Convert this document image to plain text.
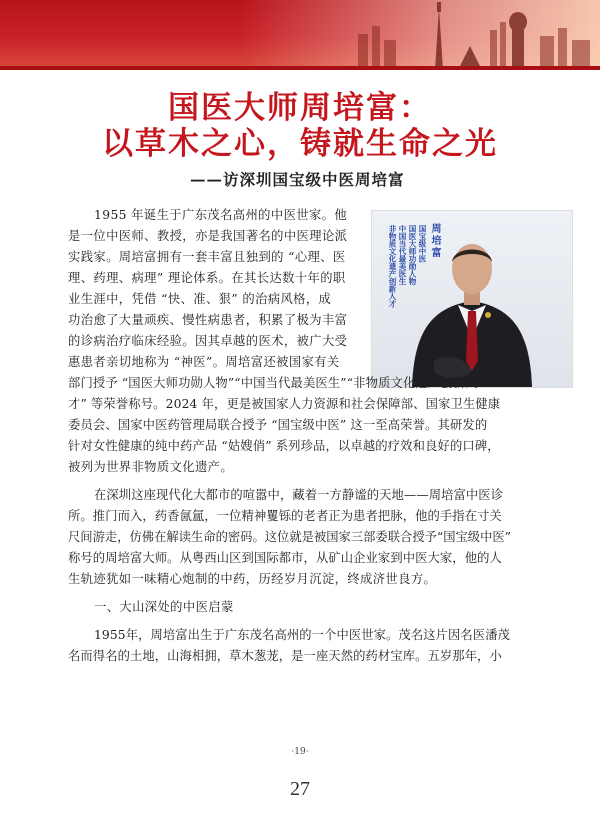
国医大师周培富：
以草木之心，铸就生命之光
——访深圳国宝级中医周培富
周培富
国宝级中医
国医大师功勋人物
中国当代最美医生
非物质文化遗产创新人才
1955 年诞生于广东茂名高州的中医世家。他
是一位中医师、教授，亦是我国著名的中医理论派
实践家。周培富拥有一套丰富且独到的 “心理、医
理、药理、病理” 理论体系。在其长达数十年的职
业生涯中，凭借 “快、准、狠” 的治病风格，成
功治愈了大量顽疾、慢性病患者，积累了极为丰富
的诊病治疗临床经验。因其卓越的医术，被广大受
惠患者亲切地称为 “神医”。周培富还被国家有关
部门授予 “国医大师功勋人物”“中国当代最美医生”“非物质文化遗产创新人
才” 等荣誉称号。2024 年，更是被国家人力资源和社会保障部、国家卫生健康
委员会、国家中医药管理局联合授予 “国宝级中医” 这一至高荣誉。其研发的
针对女性健康的纯中药产品 “姑嫂俏” 系列珍品，以卓越的疗效和良好的口碑，
被列为世界非物质文化遗产。
在深圳这座现代化大都市的喧嚣中，藏着一方静谧的天地——周培富中医诊
所。推门而入，药香氤氲，一位精神矍铄的老者正为患者把脉，他的手指在寸关
尺间游走，仿佛在解读生命的密码。这位就是被国家三部委联合授予“国宝级中医”
称号的周培富大师。从粤西山区到国际都市，从矿山企业家到中医大家，他的人
生轨迹犹如一味精心炮制的中药，历经岁月沉淀，终成济世良方。
一、大山深处的中医启蒙
1955年，周培富出生于广东茂名高州的一个中医世家。茂名这片因名医潘茂
名而得名的土地，山海相拥，草木葱茏，是一座天然的药材宝库。五岁那年，小
·19·
27
